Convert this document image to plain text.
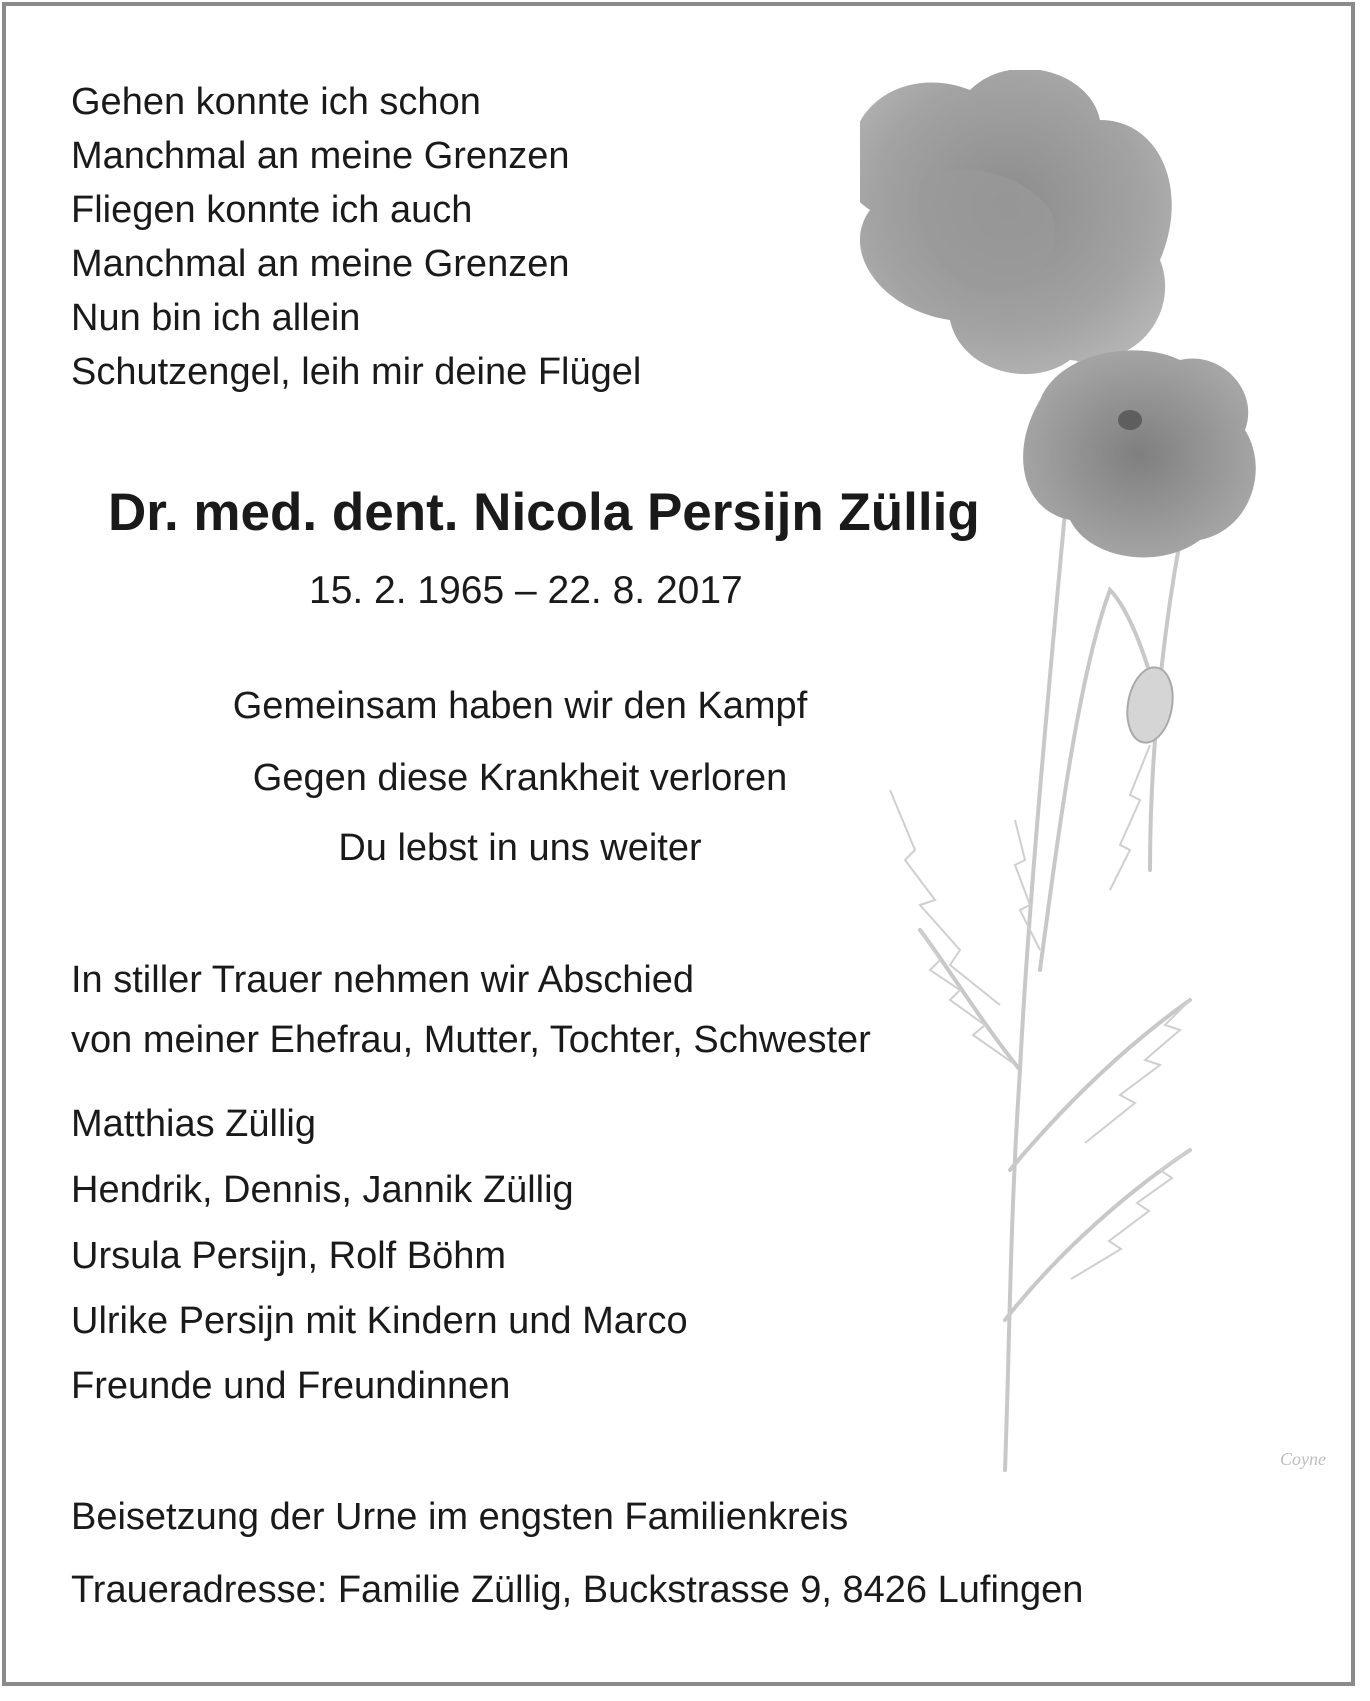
Coyne

Gehen konnte ich schon

Manchmal an meine Grenzen

Fliegen konnte ich auch

Manchmal an meine Grenzen

Nun bin ich allein

Schutzengel, leih mir deine Flügel

Dr. med. dent. Nicola Persijn Züllig

15. 2. 1965 – 22. 8. 2017

Gemeinsam haben wir den Kampf

Gegen diese Krankheit verloren

Du lebst in uns weiter

In stiller Trauer nehmen wir Abschied

von meiner Ehefrau, Mutter, Tochter, Schwester

Matthias Züllig

Hendrik, Dennis, Jannik Züllig

Ursula Persijn, Rolf Böhm

Ulrike Persijn mit Kindern und Marco

Freunde und Freundinnen

Beisetzung der Urne im engsten Familienkreis

Traueradresse: Familie Züllig, Buckstrasse 9, 8426 Lufingen
